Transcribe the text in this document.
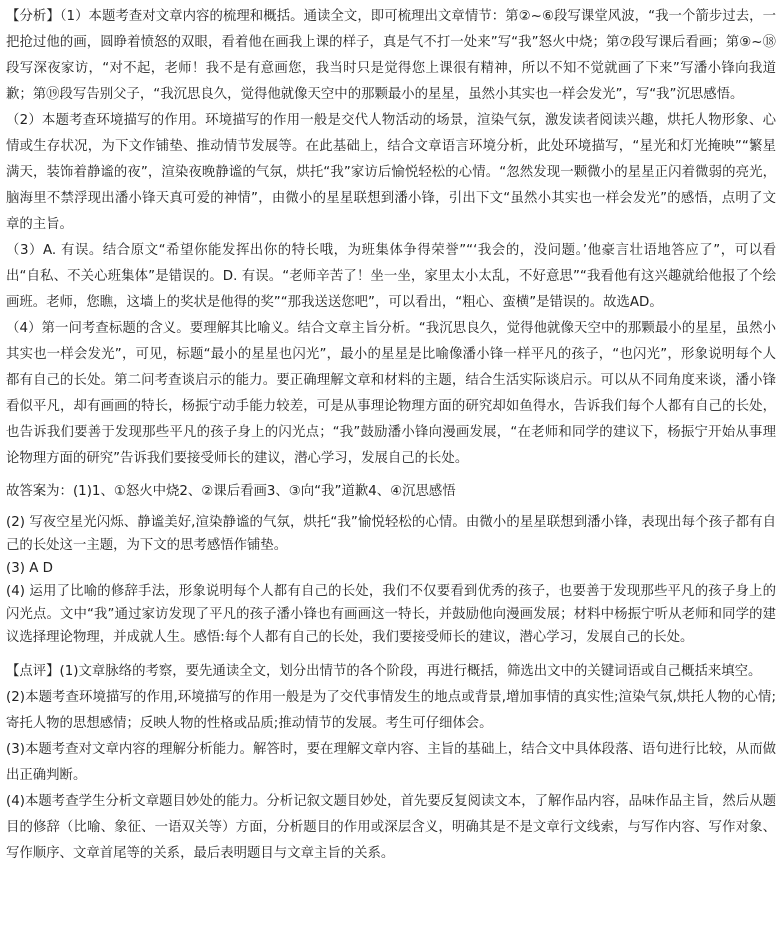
【分析】（1）本题考查对文章内容的梳理和概括。通读全文，即可梳理出文章情节：第②~⑥段写课堂风波，“我一个箭步过去，一把抢过他的画，圆睁着愤怒的双眼，看着他在画我上课的样子，真是气不打一处来”写“我”怒火中烧；第⑦段写课后看画；第⑨~⑱段写深夜家访，“对不起，老师！我不是有意画您，我当时只是觉得您上课很有精神，所以不知不觉就画了下来”写潘小锋向我道歉；第⑲段写告别父子，“我沉思良久，觉得他就像天空中的那颗最小的星星，虽然小其实也一样会发光”，写“我”沉思感悟。

（2）本题考查环境描写的作用。环境描写的作用一般是交代人物活动的场景，渲染气氛，激发读者阅读兴趣，烘托人物形象、心情或生存状况，为下文作铺垫、推动情节发展等。在此基础上，结合文章语言环境分析，此处环境描写，“星光和灯光掩映”“繁星满天，装饰着静谧的夜”，渲染夜晚静谧的气氛，烘托“我”家访后愉悦轻松的心情。“忽然发现一颗微小的星星正闪着微弱的亮光，脑海里不禁浮现出潘小锋天真可爱的神情”，由微小的星星联想到潘小锋，引出下文“虽然小其实也一样会发光”的感悟，点明了文章的主旨。

（3）A. 有误。结合原文“希望你能发挥出你的特长哦，为班集体争得荣誉”“‘我会的，没问题。’他豪言壮语地答应了”，可以看出“自私、不关心班集体”是错误的。D. 有误。“老师辛苦了！坐一坐，家里太小太乱，不好意思”“我看他有这兴趣就给他报了个绘画班。老师，您瞧，这墙上的奖状是他得的奖”“那我送送您吧”，可以看出，“粗心、蛮横”是错误的。故选AD。

（4）第一问考查标题的含义。要理解其比喻义。结合文章主旨分析。“我沉思良久，觉得他就像天空中的那颗最小的星星，虽然小其实也一样会发光”，可见，标题“最小的星星也闪光”，最小的星星是比喻像潘小锋一样平凡的孩子，“也闪光”，形象说明每个人都有自己的长处。第二问考查谈启示的能力。要正确理解文章和材料的主题，结合生活实际谈启示。可以从不同角度来谈，潘小锋看似平凡，却有画画的特长，杨振宁动手能力较差，可是从事理论物理方面的研究却如鱼得水，告诉我们每个人都有自己的长处，也告诉我们要善于发现那些平凡的孩子身上的闪光点；“我”鼓励潘小锋向漫画发展，“在老师和同学的建议下，杨振宁开始从事理论物理方面的研究”告诉我们要接受师长的建议，潜心学习，发展自己的长处。

故答案为：(1)1、①怒火中烧2、②课后看画3、③向“我”道歉4、④沉思感悟

(2) 写夜空星光闪烁、静谧美好,渲染静谧的气氛，烘托“我”愉悦轻松的心情。由微小的星星联想到潘小锋，表现出每个孩子都有自己的长处这一主题，为下文的思考感悟作铺垫。

(3) A D

(4) 运用了比喻的修辞手法，形象说明每个人都有自己的长处，我们不仅要看到优秀的孩子，也要善于发现那些平凡的孩子身上的闪光点。文中“我”通过家访发现了平凡的孩子潘小锋也有画画这一特长，并鼓励他向漫画发展；材料中杨振宁听从老师和同学的建议选择理论物理，并成就人生。感悟:每个人都有自己的长处，我们要接受师长的建议，潜心学习，发展自己的长处。

【点评】(1)文章脉络的考察，要先通读全文，划分出情节的各个阶段，再进行概括，筛选出文中的关键词语或自己概括来填空。

(2)本题考查环境描写的作用,环境描写的作用一般是为了交代事情发生的地点或背景,增加事情的真实性;渲染气氛,烘托人物的心情;寄托人物的思想感情；反映人物的性格或品质;推动情节的发展。考生可仔细体会。

(3)本题考查对文章内容的理解分析能力。解答时，要在理解文章内容、主旨的基础上，结合文中具体段落、语句进行比较，从而做出正确判断。

(4)本题考查学生分析文章题目妙处的能力。分析记叙文题目妙处，首先要反复阅读文本，了解作品内容，品味作品主旨，然后从题目的修辞（比喻、象征、一语双关等）方面，分析题目的作用或深层含义，明确其是不是文章行文线索，与写作内容、写作对象、写作顺序、文章首尾等的关系，最后表明题目与文章主旨的关系。
